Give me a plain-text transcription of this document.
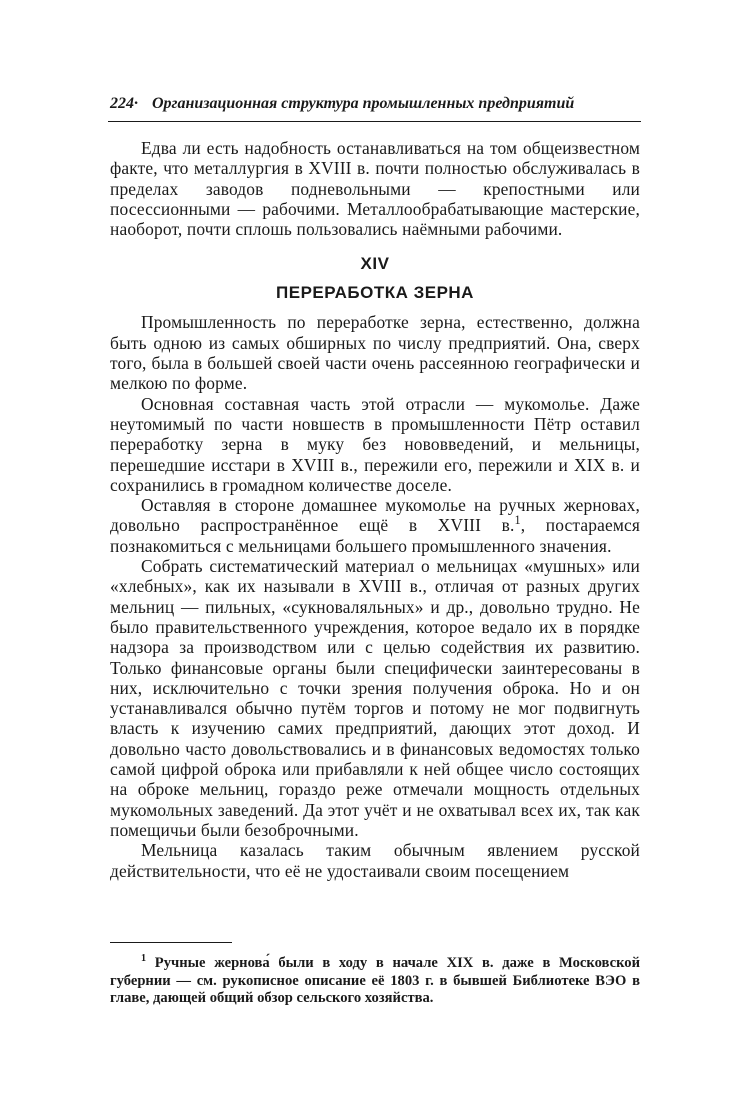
224· Организационная структура промышленных предприятий

Едва ли есть надобность останавливаться на том общеизвестном факте, что металлургия в XVIII в. почти полностью обслуживалась в пределах заводов подневольными — крепостными или посессионными — рабочими. Металлообрабатывающие мастерские, наоборот, почти сплошь пользовались наёмными рабочими.

XIV
ПЕРЕРАБОТКА ЗЕРНА

Промышленность по переработке зерна, естественно, должна быть одною из самых обширных по числу предприятий. Она, сверх того, была в большей своей части очень рассеянною географически и мелкою по форме.

Основная составная часть этой отрасли — мукомолье. Даже неутомимый по части новшеств в промышленности Пётр оставил переработку зерна в муку без нововведений, и мельницы, перешедшие исстари в XVIII в., пережили его, пережили и XIX в. и сохранились в громадном количестве доселе.

Оставляя в стороне домашнее мукомолье на ручных жерновах, довольно распространённое ещё в XVIII в.$^1$, постараемся познакомиться с мельницами большего промышленного значения.

Собрать систематический материал о мельницах «мушных» или «хлебных», как их называли в XVIII в., отличая от разных других мельниц — пильных, «сукноваляльных» и др., довольно трудно. Не было правительственного учреждения, которое ведало их в порядке надзора за производством или с целью содействия их развитию. Только финансовые органы были специфически заинтересованы в них, исключительно с точки зрения получения оброка. Но и он устанавливался обычно путём торгов и потому не мог подвигнуть власть к изучению самих предприятий, дающих этот доход. И довольно часто довольствовались и в финансовых ведомостях только самой цифрой оброка или прибавляли к ней общее число состоящих на оброке мельниц, гораздо реже отмечали мощность отдельных мукомольных заведений. Да этот учёт и не охватывал всех их, так как помещичьи были безоброчными.

Мельница казалась таким обычным явлением русской действительности, что её не удостаивали своим посещением

$^1$ Ручные жернова́ были в ходу в начале XIX в. даже в Московской губернии — см. рукописное описание её 1803 г. в бывшей Библиотеке ВЭО в главе, дающей общий обзор сельского хозяйства.
